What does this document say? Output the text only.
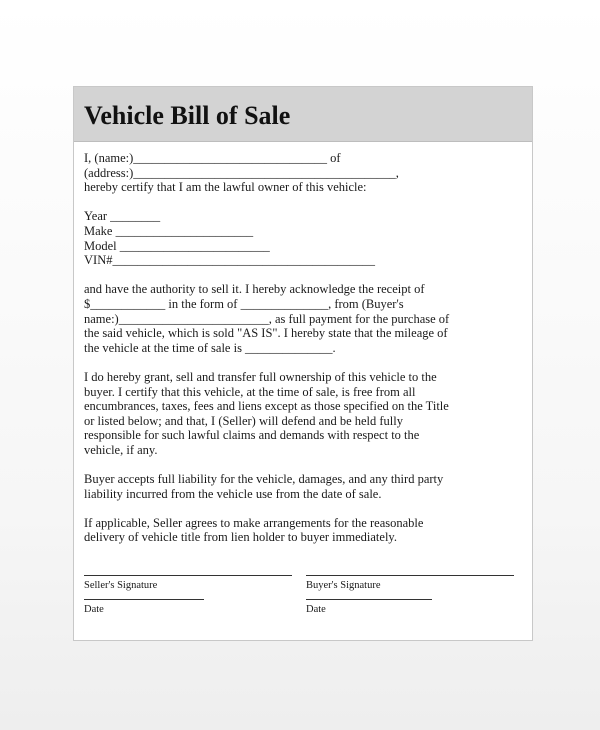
Vehicle Bill of Sale
I, (name:)_______________________________ of
(address:)__________________________________________,
hereby certify that I am the lawful owner of this vehicle:
Year ________
Make ______________________
Model ________________________
VIN#__________________________________________
and have the authority to sell it. I hereby acknowledge the receipt of
$____________ in the form of ______________, from (Buyer's
name:)________________________, as full payment for the purchase of
the said vehicle, which is sold "AS IS". I hereby state that the mileage of
the vehicle at the time of sale is ______________.
I do hereby grant, sell and transfer full ownership of this vehicle to the
buyer. I certify that this vehicle, at the time of sale, is free from all
encumbrances, taxes, fees and liens except as those specified on the Title
or listed below; and that, I (Seller) will defend and be held fully
responsible for such lawful claims and demands with respect to the
vehicle, if any.
Buyer accepts full liability for the vehicle, damages, and any third party
liability incurred from the vehicle use from the date of sale.
If applicable, Seller agrees to make arrangements for the reasonable
delivery of vehicle title from lien holder to buyer immediately.
Seller's Signature
Date
Buyer's Signature
Date
